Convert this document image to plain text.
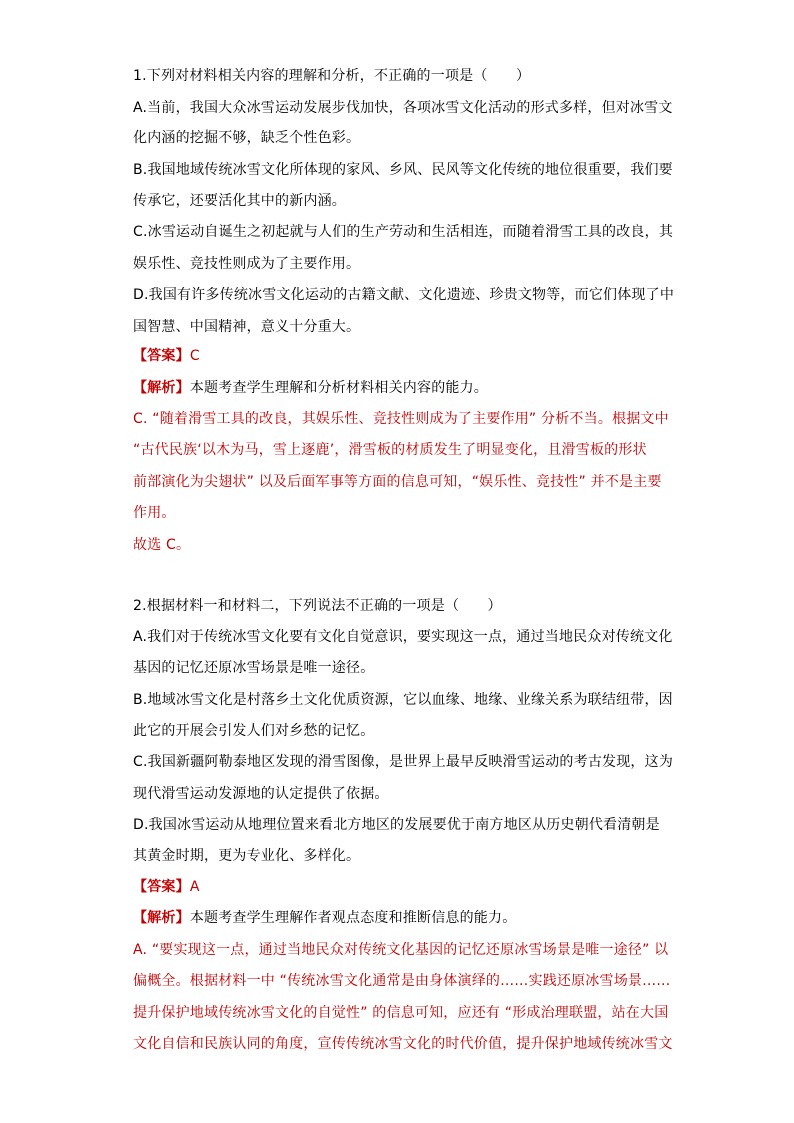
1.下列对材料相关内容的理解和分析，不正确的一项是（　　）
A.当前，我国大众冰雪运动发展步伐加快，各项冰雪文化活动的形式多样，但对冰雪文
化内涵的挖掘不够，缺乏个性色彩。
B.我国地域传统冰雪文化所体现的家风、乡风、民风等文化传统的地位很重要，我们要
传承它，还要活化其中的新内涵。
C.冰雪运动自诞生之初起就与人们的生产劳动和生活相连，而随着滑雪工具的改良，其
娱乐性、竞技性则成为了主要作用。
D.我国有许多传统冰雪文化运动的古籍文献、文化遗迹、珍贵文物等，而它们体现了中
国智慧、中国精神，意义十分重大。
【答案】C
【解析】本题考查学生理解和分析材料相关内容的能力。
C. “随着滑雪工具的改良，其娱乐性、竞技性则成为了主要作用” 分析不当。根据文中
“古代民族‘以木为马，雪上逐鹿’，滑雪板的材质发生了明显变化，且滑雪板的形状
前部演化为尖翅状” 以及后面军事等方面的信息可知，“娱乐性、竞技性” 并不是主要
作用。
故选 C。
2.根据材料一和材料二，下列说法不正确的一项是（　　）
A.我们对于传统冰雪文化要有文化自觉意识，要实现这一点，通过当地民众对传统文化
基因的记忆还原冰雪场景是唯一途径。
B.地域冰雪文化是村落乡土文化优质资源，它以血缘、地缘、业缘关系为联结纽带，因
此它的开展会引发人们对乡愁的记忆。
C.我国新疆阿勒泰地区发现的滑雪图像，是世界上最早反映滑雪运动的考古发现，这为
现代滑雪运动发源地的认定提供了依据。
D.我国冰雪运动从地理位置来看北方地区的发展要优于南方地区从历史朝代看清朝是
其黄金时期，更为专业化、多样化。
【答案】A
【解析】本题考查学生理解作者观点态度和推断信息的能力。
A. “要实现这一点，通过当地民众对传统文化基因的记忆还原冰雪场景是唯一途径” 以
偏概全。根据材料一中 “传统冰雪文化通常是由身体演绎的……实践还原冰雪场景……
提升保护地域传统冰雪文化的自觉性” 的信息可知，应还有 “形成治理联盟，站在大国
文化自信和民族认同的角度，宣传传统冰雪文化的时代价值，提升保护地域传统冰雪文
